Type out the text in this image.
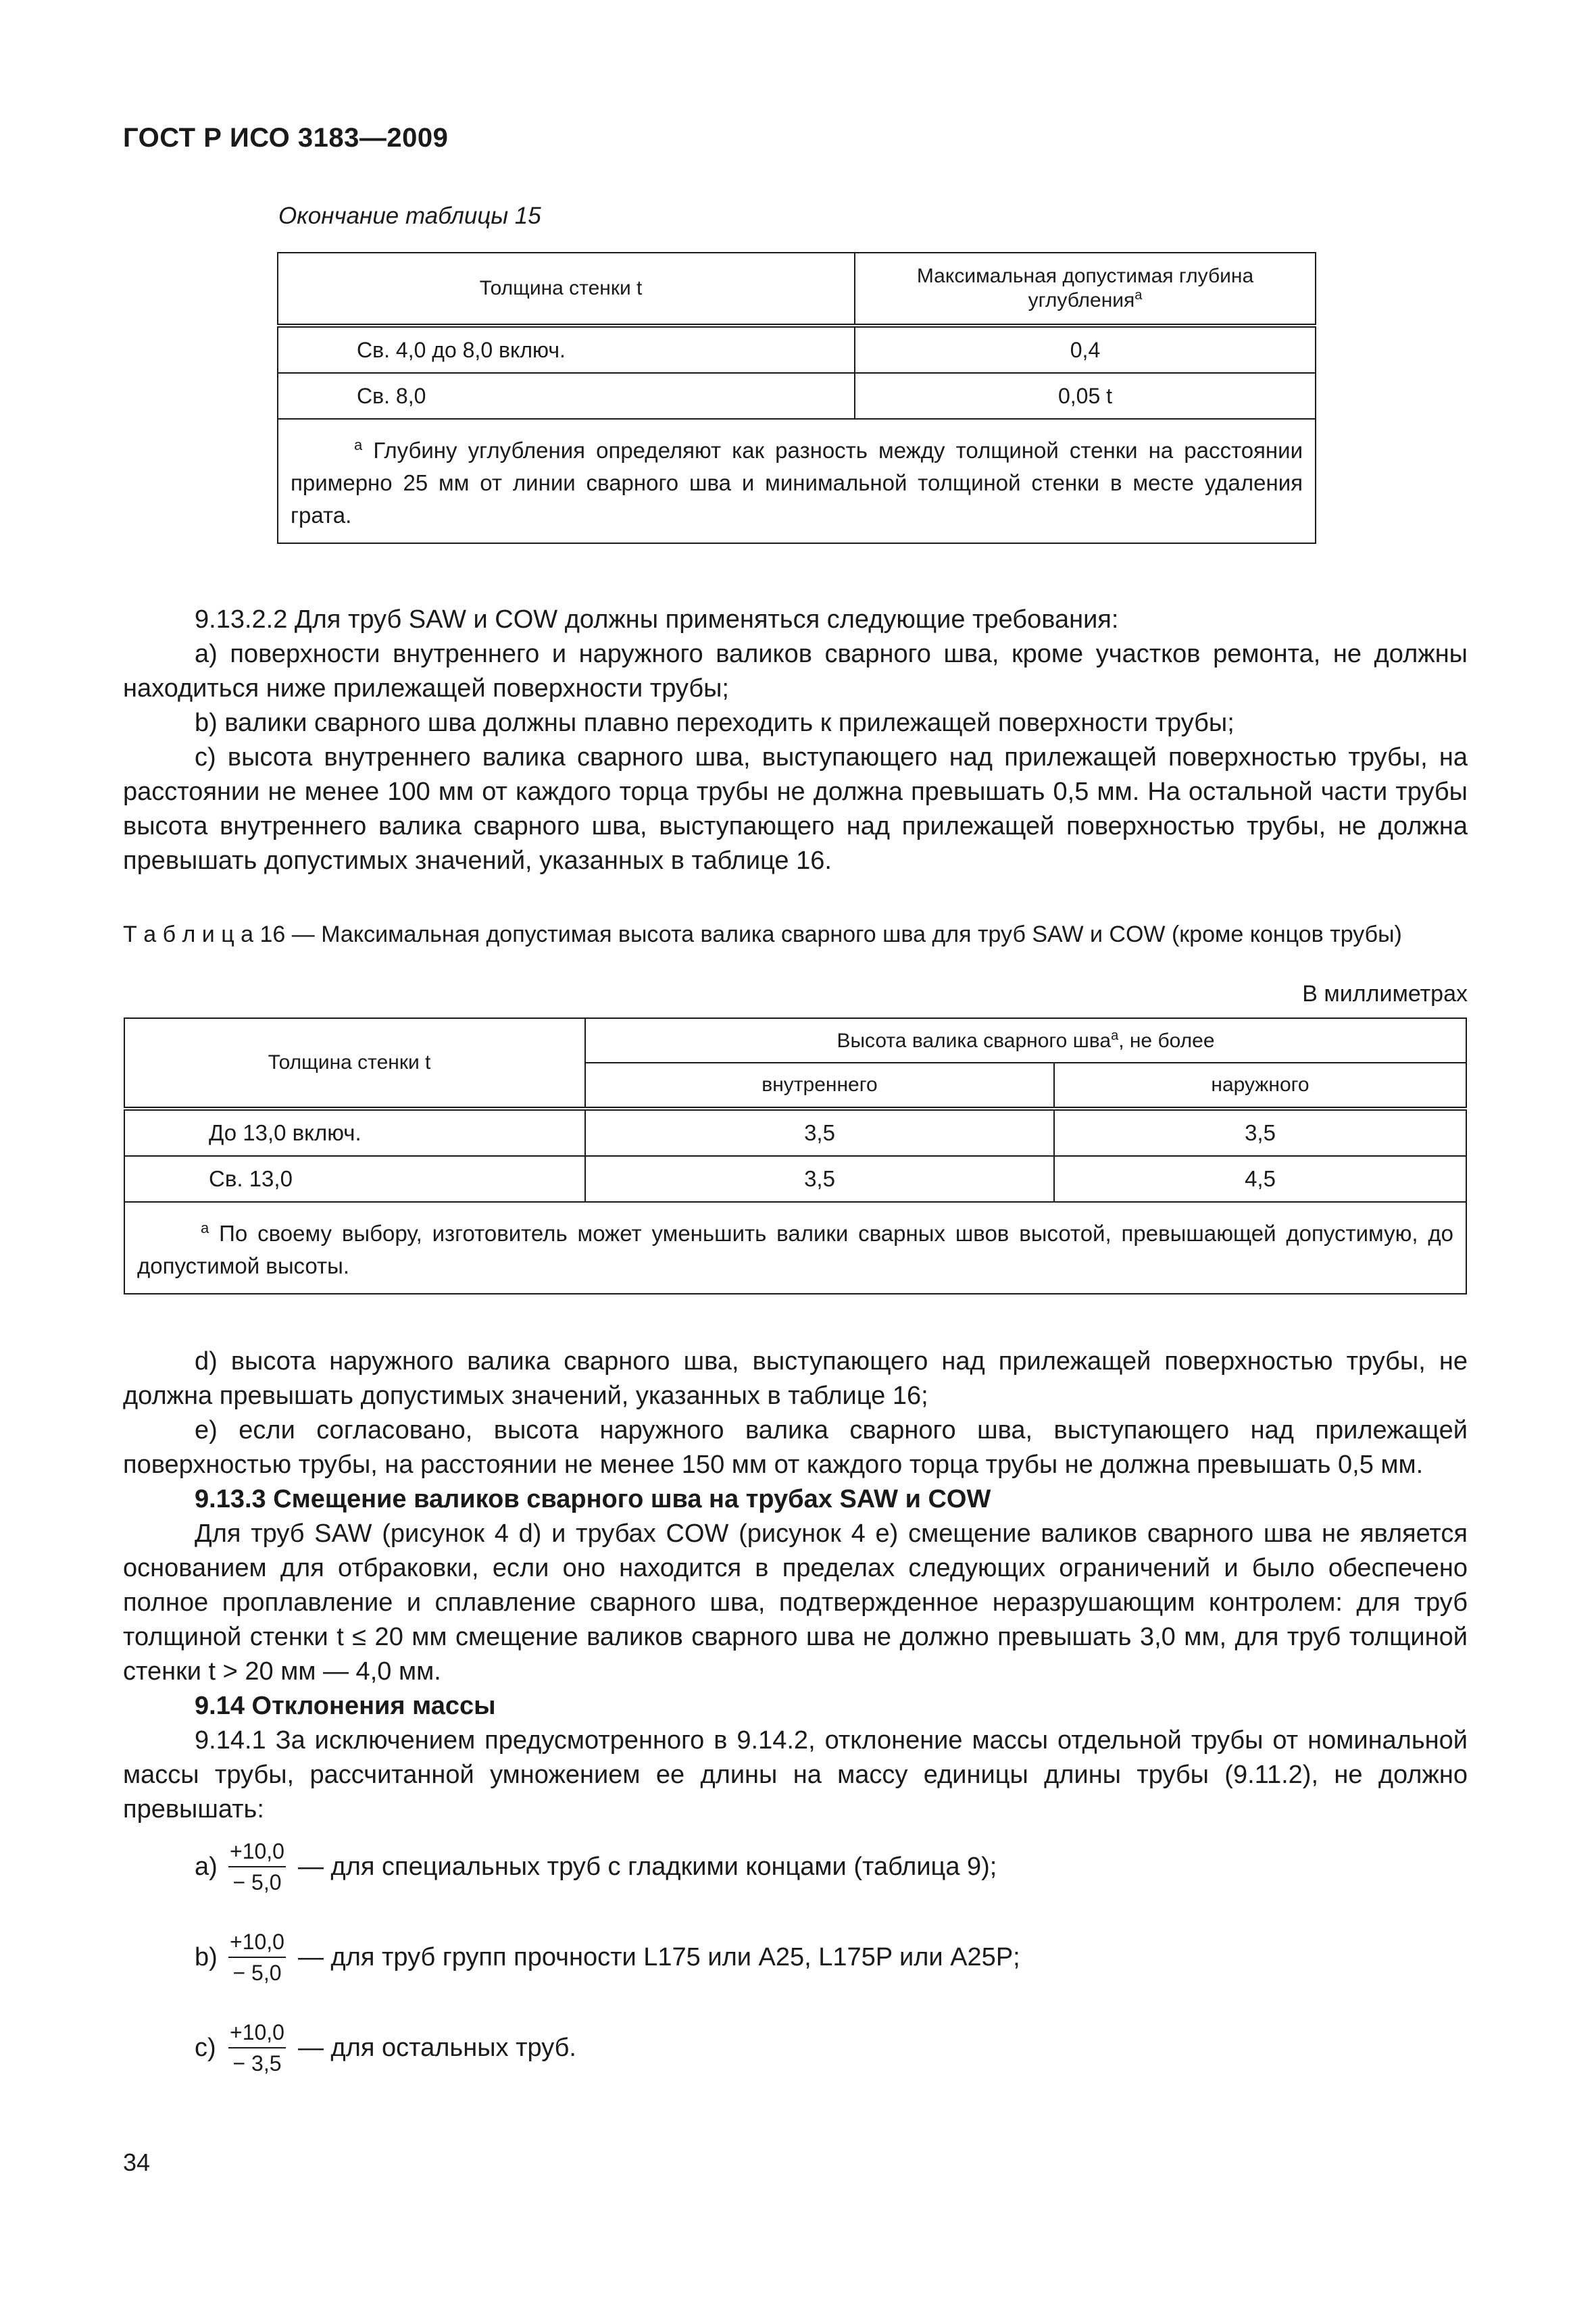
ГОСТ Р ИСО 3183—2009
Окончание таблицы 15
Толщина стенки t	Максимальная допустимая глубина
углубления$^a$

Св. 4,0 до 8,0 включ.	0,4
Св. 8,0	0,05 t
$^a$ Глубину углубления определяют как разность между толщиной стенки на расстоянии примерно 25 мм от линии сварного шва и минимальной толщиной стенки в месте удаления грата.	

9.13.2.2 Для труб SAW и COW должны применяться следующие требования:

a) поверхности внутреннего и наружного валиков сварного шва, кроме участков ремонта, не должны находиться ниже прилежащей поверхности трубы;

b) валики сварного шва должны плавно переходить к прилежащей поверхности трубы;

c) высота внутреннего валика сварного шва, выступающего над прилежащей поверхностью трубы, на расстоянии не менее 100 мм от каждого торца трубы не должна превышать 0,5 мм. На остальной части трубы высота внутреннего валика сварного шва, выступающего над прилежащей поверхностью трубы, не должна превышать допустимых значений, указанных в таблице 16.

Т а б л и ц а 16 — Максимальная допустимая высота валика сварного шва для труб SAW и COW (кроме концов трубы)
В миллиметрах
Толщина стенки t	Высота валика сварного шва$^a$, не более	
	внутреннего	наружного
До 13,0 включ.	3,5	3,5
Св. 13,0	3,5	4,5
$^a$ По своему выбору, изготовитель может уменьшить валики сварных швов высотой, превышающей допустимую, до допустимой высоты.		

d) высота наружного валика сварного шва, выступающего над прилежащей поверхностью трубы, не должна превышать допустимых значений, указанных в таблице 16;

e) если согласовано, высота наружного валика сварного шва, выступающего над прилежащей поверхностью трубы, на расстоянии не менее 150 мм от каждого торца трубы не должна превышать 0,5 мм.

9.13.3 Смещение валиков сварного шва на трубах SAW и COW

Для труб SAW (рисунок 4 d) и трубах COW (рисунок 4 e) смещение валиков сварного шва не является основанием для отбраковки, если оно находится в пределах следующих ограничений и было обеспечено полное проплавление и сплавление сварного шва, подтвержденное неразрушающим контролем: для труб толщиной стенки t ≤ 20 мм смещение валиков сварного шва не должно превышать 3,0 мм, для труб толщиной стенки t > 20 мм — 4,0 мм.

9.14 Отклонения массы

9.14.1 За исключением предусмотренного в 9.14.2, отклонение массы отдельной трубы от номинальной массы трубы, рассчитанной умножением ее длины на массу единицы длины трубы (9.11.2), не должно превышать:

$a) \frac{+10,0}{- 5,0}$ — для специальных труб с гладкими концами (таблица 9);
$b) \frac{+10,0}{- 5,0}$ — для труб групп прочности L175 или A25, L175P или A25P;
$c) \frac{+10,0}{- 3,5}$ — для остальных труб.
34
